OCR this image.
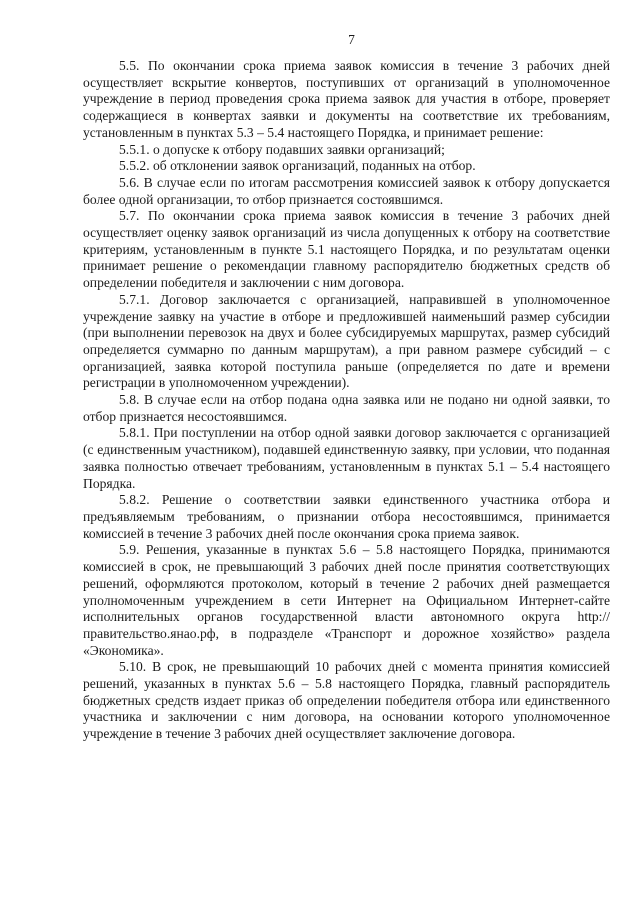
7

5.5. По окончании срока приема заявок комиссия в течение 3 рабочих дней осуществляет вскрытие конвертов, поступивших от организаций в уполномоченное учреждение в период проведения срока приема заявок для участия в отборе, проверяет содержащиеся в конвертах заявки и документы на соответствие их требованиям, установленным в пунктах 5.3 – 5.4 настоящего Порядка, и принимает решение:

5.5.1. о допуске к отбору подавших заявки организаций;

5.5.2. об отклонении заявок организаций, поданных на отбор.

5.6. В случае если по итогам рассмотрения комиссией заявок к отбору допускается более одной организации, то отбор признается состоявшимся.

5.7. По окончании срока приема заявок комиссия в течение 3 рабочих дней осуществляет оценку заявок организаций из числа допущенных к отбору на соответствие критериям, установленным в пункте 5.1 настоящего Порядка, и по результатам оценки принимает решение о рекомендации главному распорядителю бюджетных средств об определении победителя и заключении с ним договора.

5.7.1. Договор заключается с организацией, направившей в уполномоченное учреждение заявку на участие в отборе и предложившей наименьший размер субсидии (при выполнении перевозок на двух и более субсидируемых маршрутах, размер субсидий определяется суммарно по данным маршрутам), а при равном размере субсидий – с организацией, заявка которой поступила раньше (определяется по дате и времени регистрации в уполномоченном учреждении).

5.8. В случае если на отбор подана одна заявка или не подано ни одной заявки, то отбор признается несостоявшимся.

5.8.1. При поступлении на отбор одной заявки договор заключается с организацией (с единственным участником), подавшей единственную заявку, при условии, что поданная заявка полностью отвечает требованиям, установленным в пунктах 5.1 – 5.4 настоящего Порядка.

5.8.2. Решение о соответствии заявки единственного участника отбора и предъявляемым требованиям, о признании отбора несостоявшимся, принимается комиссией в течение 3 рабочих дней после окончания срока приема заявок.

5.9. Решения, указанные в пунктах 5.6 – 5.8 настоящего Порядка, принимаются комиссией в срок, не превышающий 3 рабочих дней после принятия соответствующих решений, оформляются протоколом, который в течение 2 рабочих дней размещается уполномоченным учреждением в сети Интернет на Официальном Интернет-сайте исполнительных органов государственной власти автономного округа http://правительство.янао.рф, в подразделе «Транспорт и дорожное хозяйство» раздела «Экономика».

5.10. В срок, не превышающий 10 рабочих дней с момента принятия комиссией решений, указанных в пунктах 5.6 – 5.8 настоящего Порядка, главный распорядитель бюджетных средств издает приказ об определении победителя отбора или единственного участника и заключении с ним договора, на основании которого уполномоченное учреждение в течение 3 рабочих дней осуществляет заключение договора.
